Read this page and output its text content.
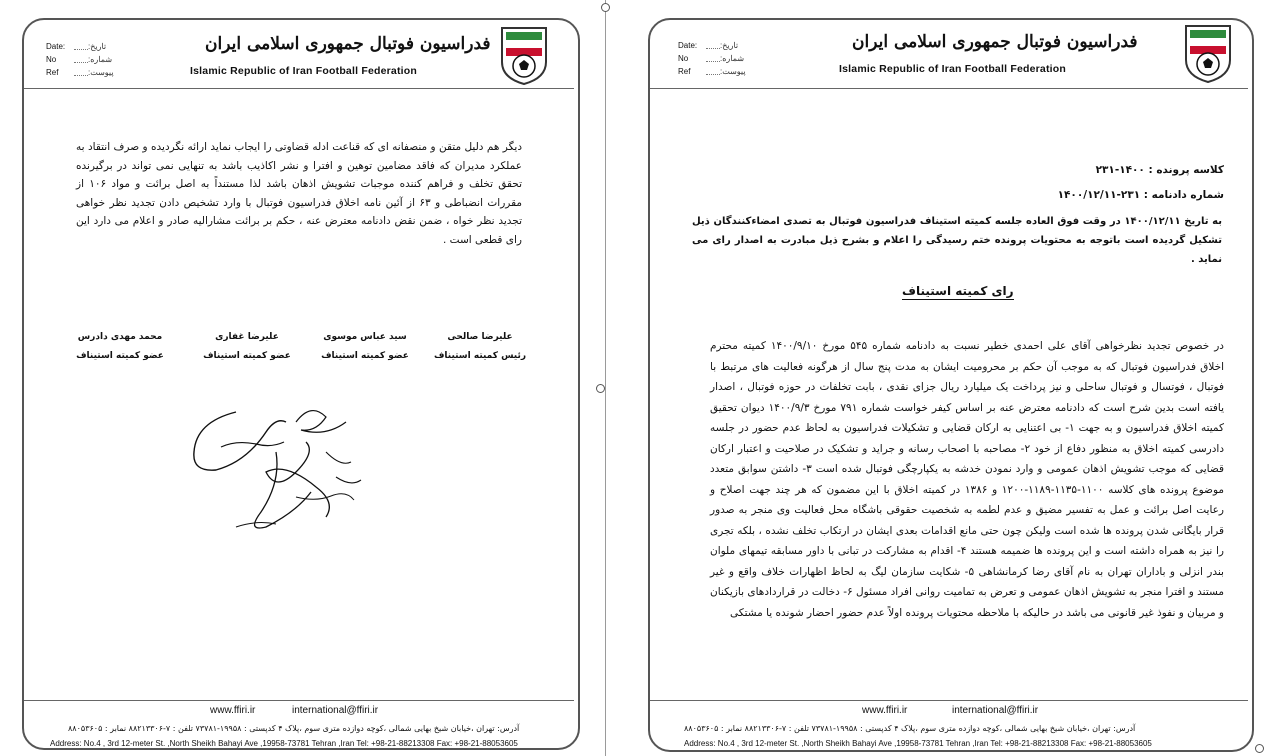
Date:	تاریخ:
No	شماره:
Ref	پیوست:
فدراسیون فوتبال جمهوری اسلامی ایران
Islamic Republic of Iran Football Federation
دیگر هم دلیل متقن و منصفانه ای که قناعت ادله قضاوتی را ایجاب نماید ارائه نگردیده و صرف انتقاد به عملکرد مدیران که فاقد مضامین توهین و افترا و نشر اکاذیب باشد به تنهایی نمی تواند در برگیرنده تحقق تخلف و فراهم کننده موجبات تشویش اذهان باشد لذا مستنداً به اصل برائت و مواد ۱۰۶ از مقررات انضباطی و ۶۳ از آئین نامه اخلاق فدراسیون فوتبال با وارد تشخیص دادن تجدید نظر خواهی تجدید نظر خواه ، ضمن نقض دادنامه معترض عنه ، حکم بر برائت مشارالیه صادر و اعلام می دارد این رای قطعی است .
علیرضا صالحی
رئیس کمیته استیناف
سید عباس موسوی
عضو کمیته استیناف
علیرضا غفاری
عضو کمیته استیناف
محمد مهدی دادرس
عضو کمیته استیناف
www.ffiri.ir	international@ffiri.ir
آدرس: تهران ،خیابان شیخ بهایی شمالی ،کوچه دوازده متری سوم ،پلاک ۴ کدپستی : ۱۹۹۵۸-۷۳۷۸۱ تلفن : ۷-۸۸۲۱۳۳۰۶ نمابر : ۸۸۰۵۳۶۰۵
Address: No.4 , 3rd 12-meter St. ,North Sheikh Bahayi Ave ,19958-73781 Tehran ,Iran Tel: +98-21-88213308 Fax: +98-21-88053605
Date:	تاریخ:
No	شماره:
Ref	پیوست:
فدراسیون فوتبال جمهوری اسلامی ایران
Islamic Republic of Iran Football Federation
کلاسه پرونده : ۱۴۰۰-۲۳۱
شماره دادنامه : ۲۳۱-۱۴۰۰/۱۲/۱۱
به تاریخ ۱۴۰۰/۱۲/۱۱ در وقت فوق العاده جلسه کمیته استیناف فدراسیون فوتبال به تصدی امضاءکنندگان ذیل تشکیل گردیده است باتوجه به محتویات پرونده ختم رسیدگی را اعلام و بشرح ذیل مبادرت به اصدار رای می نماید .
رای کمیته استیناف
در خصوص تجدید نظرخواهی آقای علی احمدی خطیر نسبت به دادنامه شماره ۵۴۵ مورخ ۱۴۰۰/۹/۱۰ کمیته محترم اخلاق فدراسیون فوتبال که به موجب آن حکم بر محرومیت ایشان به مدت پنج سال از هرگونه فعالیت های مرتبط با فوتبال ، فوتسال و فوتبال ساحلی و نیز پرداخت یک میلیارد ریال جزای نقدی ، بابت تخلفات در حوزه فوتبال ، اصدار یافته است بدین شرح است که دادنامه معترض عنه بر اساس کیفر خواست شماره ۷۹۱ مورخ ۱۴۰۰/۹/۳ دیوان تحقیق کمیته اخلاق فدراسیون و به جهت ۱- بی اعتنایی به ارکان قضایی و تشکیلات فدراسیون به لحاظ عدم حضور در جلسه دادرسی کمیته اخلاق به منظور دفاع از خود ۲- مصاحبه با اصحاب رسانه و جراید و تشکیک در صلاحیت و اعتبار ارکان قضایی که موجب تشویش اذهان عمومی و وارد نمودن خدشه به یکپارچگی فوتبال شده است ۳- داشتن سوابق متعدد موضوع پرونده های کلاسه ۱۱۰۰-۱۱۳۵-۱۱۸۹-۱۲۰۰ و ۱۳۸۶ در کمیته اخلاق با این مضمون که هر چند جهت اصلاح و رعایت اصل برائت و عمل به تفسیر مضیق و عدم لطمه به شخصیت حقوقی باشگاه محل فعالیت وی منجر به صدور قرار بایگانی شدن پرونده ها شده است ولیکن چون حتی مانع اقدامات بعدی ایشان در ارتکاب تخلف نشده ، بلکه تجری را نیز به همراه داشته است و این پرونده ها ضمیمه هستند ۴- اقدام به مشارکت در تبانی با داور مسابقه تیمهای ملوان بندر انزلی و باداران تهران به نام آقای رضا کرمانشاهی ۵- شکایت سازمان لیگ به لحاظ اظهارات خلاف واقع و غیر مستند و افترا منجر به تشویش اذهان عمومی و تعرض به تمامیت روانی افراد مسئول ۶- دخالت در قراردادهای بازیکنان و مربیان و نفوذ غیر قانونی می باشد در حالیکه با ملاحظه محتویات پرونده اولاً عدم حضور احضار شونده یا مشتکی
www.ffiri.ir	international@ffiri.ir
آدرس: تهران ،خیابان شیخ بهایی شمالی ،کوچه دوازده متری سوم ،پلاک ۴ کدپستی : ۱۹۹۵۸-۷۳۷۸۱ تلفن : ۷-۸۸۲۱۳۳۰۶ نمابر : ۸۸۰۵۳۶۰۵
Address: No.4 , 3rd 12-meter St. ,North Sheikh Bahayi Ave ,19958-73781 Tehran ,Iran Tel: +98-21-88213308 Fax: +98-21-88053605
